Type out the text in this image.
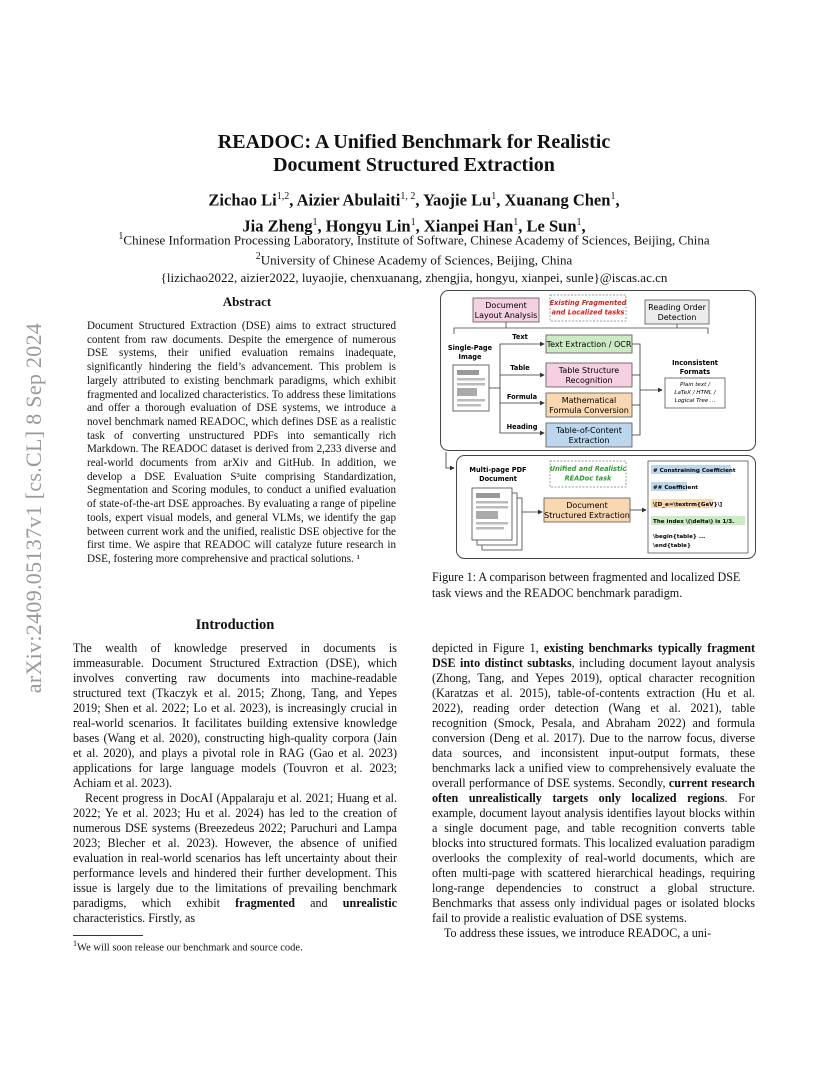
arXiv:2409.05137v1 [cs.CL] 8 Sep 2024
READOC: A Unified Benchmark for Realistic
Document Structured Extraction
Zichao Li$^{1,2}$, Aizier Abulaiti$^{1, 2}$, Yaojie Lu$^1$, Xuanang Chen$^1$,
Jia Zheng$^1$, Hongyu Lin$^1$, Xianpei Han$^1$, Le Sun$^1$,
$^1$Chinese Information Processing Laboratory, Institute of Software, Chinese Academy of Sciences, Beijing, China
$^2$University of Chinese Academy of Sciences, Beijing, China
{lizichao2022, aizier2022, luyaojie, chenxuanang, zhengjia, hongyu, xianpei, sunle}@iscas.ac.cn
Abstract
Document Structured Extraction (DSE) aims to extract structured content from raw documents. Despite the emergence of numerous DSE systems, their unified evaluation remains inadequate, significantly hindering the field’s advancement. This problem is largely attributed to existing benchmark paradigms, which exhibit fragmented and localized characteristics. To address these limitations and offer a thorough evaluation of DSE systems, we introduce a novel benchmark named READOC, which defines DSE as a realistic task of converting unstructured PDFs into semantically rich Markdown. The READOC dataset is derived from 2,233 diverse and real-world documents from arXiv and GitHub. In addition, we develop a DSE Evaluation S³uite comprising Standardization, Segmentation and Scoring modules, to conduct a unified evaluation of state-of-the-art DSE approaches. By evaluating a range of pipeline tools, expert visual models, and general VLMs, we identify the gap between current work and the unified, realistic DSE objective for the first time. We aspire that READOC will catalyze future research in DSE, fostering more comprehensive and practical solutions. ¹
Introduction

The wealth of knowledge preserved in documents is immeasurable. Document Structured Extraction (DSE), which involves converting raw documents into machine-readable structured text (Tkaczyk et al. 2015; Zhong, Tang, and Yepes 2019; Shen et al. 2022; Lo et al. 2023), is increasingly crucial in real-world scenarios. It facilitates building extensive knowledge bases (Wang et al. 2020), constructing high-quality corpora (Jain et al. 2020), and plays a pivotal role in RAG (Gao et al. 2023) applications for large language models (Touvron et al. 2023; Achiam et al. 2023).

Recent progress in DocAI (Appalaraju et al. 2021; Huang et al. 2022; Ye et al. 2023; Hu et al. 2024) has led to the creation of numerous DSE systems (Breezedeus 2022; Paruchuri and Lampa 2023; Blecher et al. 2023). However, the absence of unified evaluation in real-world scenarios has left uncertainty about their performance levels and hindered their further development. This issue is largely due to the limitations of prevailing benchmark paradigms, which exhibit fragmented and unrealistic characteristics. Firstly, as

$^1$We will soon release our benchmark and source code.
Document
Layout Analysis
Existing Fragmented
and Localized tasks
Reading Order
Detection
Single-Page
Image
Text
Table
Formula
Heading
Text Extraction / OCR
Table Structure
Recognition
Mathematical
Formula Conversion
Table-of-Content
Extraction
Inconsistent
Formats
Plain text /
LaTeX / HTML /
Logical Tree ...
Multi-page PDF
Document
Unified and Realistic
READoc task
Document
Structured Extraction
# Constraining Coefficient
## Coefficient
\[D_e=\textrm{GeV}\]
The index \(\delta\) is 1/3.
\begin{table} ...
\end{table}
Figure 1: A comparison between fragmented and localized DSE task views and the READOC benchmark paradigm.

depicted in Figure 1, existing benchmarks typically fragment DSE into distinct subtasks, including document layout analysis (Zhong, Tang, and Yepes 2019), optical character recognition (Karatzas et al. 2015), table-of-contents extraction (Hu et al. 2022), reading order detection (Wang et al. 2021), table recognition (Smock, Pesala, and Abraham 2022) and formula conversion (Deng et al. 2017). Due to the narrow focus, diverse data sources, and inconsistent input-output formats, these benchmarks lack a unified view to comprehensively evaluate the overall performance of DSE systems. Secondly, current research often unrealistically targets only localized regions. For example, document layout analysis identifies layout blocks within a single document page, and table recognition converts table blocks into structured formats. This localized evaluation paradigm overlooks the complexity of real-world documents, which are often multi-page with scattered hierarchical headings, requiring long-range dependencies to construct a global structure. Benchmarks that assess only individual pages or isolated blocks fail to provide a realistic evaluation of DSE systems.

To address these issues, we introduce READOC, a uni-
